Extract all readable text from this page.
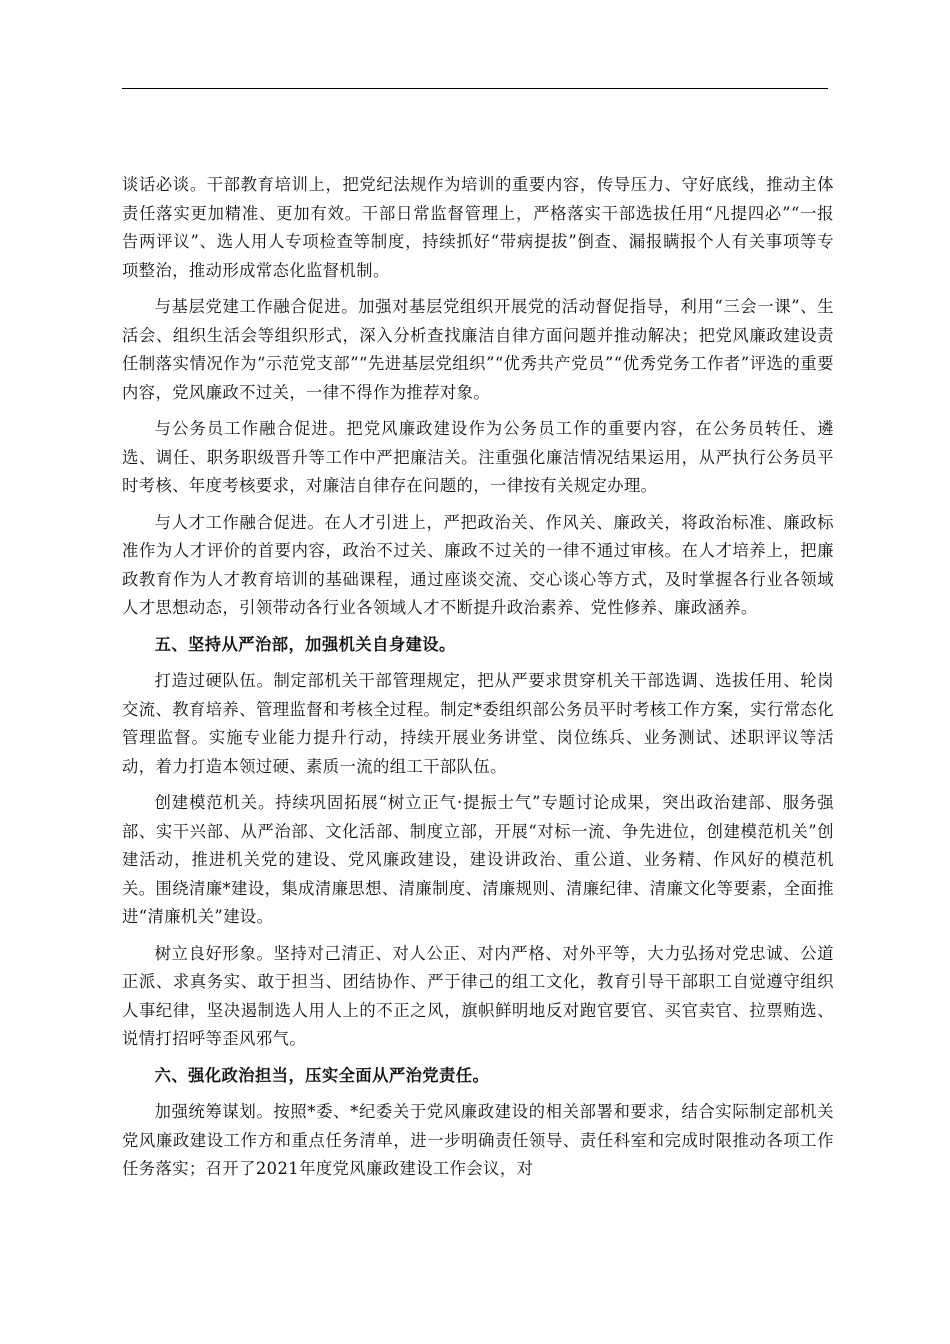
谈话必谈。干部教育培训上，把党纪法规作为培训的重要内容，传导压力、守好底线，推动主体责任落实更加精准、更加有效。干部日常监督管理上，严格落实干部选拔任用“凡提四必”“一报告两评议”、选人用人专项检查等制度，持续抓好“带病提拔”倒查、漏报瞒报个人有关事项等专项整治，推动形成常态化监督机制。

与基层党建工作融合促进。加强对基层党组织开展党的活动督促指导，利用“三会一课”、生活会、组织生活会等组织形式，深入分析查找廉洁自律方面问题并推动解决；把党风廉政建设责任制落实情况作为“示范党支部”“先进基层党组织”“优秀共产党员”“优秀党务工作者”评选的重要内容，党风廉政不过关，一律不得作为推荐对象。

与公务员工作融合促进。把党风廉政建设作为公务员工作的重要内容，在公务员转任、遴选、调任、职务职级晋升等工作中严把廉洁关。注重强化廉洁情况结果运用，从严执行公务员平时考核、年度考核要求，对廉洁自律存在问题的，一律按有关规定办理。

与人才工作融合促进。在人才引进上，严把政治关、作风关、廉政关，将政治标准、廉政标准作为人才评价的首要内容，政治不过关、廉政不过关的一律不通过审核。在人才培养上，把廉政教育作为人才教育培训的基础课程，通过座谈交流、交心谈心等方式，及时掌握各行业各领域人才思想动态，引领带动各行业各领域人才不断提升政治素养、党性修养、廉政涵养。

五、坚持从严治部，加强机关自身建设。

打造过硬队伍。制定部机关干部管理规定，把从严要求贯穿机关干部选调、选拔任用、轮岗交流、教育培养、管理监督和考核全过程。制定*委组织部公务员平时考核工作方案，实行常态化管理监督。实施专业能力提升行动，持续开展业务讲堂、岗位练兵、业务测试、述职评议等活动，着力打造本领过硬、素质一流的组工干部队伍。

创建模范机关。持续巩固拓展“树立正气·提振士气”专题讨论成果，突出政治建部、服务强部、实干兴部、从严治部、文化活部、制度立部，开展“对标一流、争先进位，创建模范机关”创建活动，推进机关党的建设、党风廉政建设，建设讲政治、重公道、业务精、作风好的模范机关。围绕清廉*建设，集成清廉思想、清廉制度、清廉规则、清廉纪律、清廉文化等要素，全面推进“清廉机关”建设。

树立良好形象。坚持对己清正、对人公正、对内严格、对外平等，大力弘扬对党忠诚、公道正派、求真务实、敢于担当、团结协作、严于律己的组工文化，教育引导干部职工自觉遵守组织人事纪律，坚决遏制选人用人上的不正之风，旗帜鲜明地反对跑官要官、买官卖官、拉票贿选、说情打招呼等歪风邪气。

六、强化政治担当，压实全面从严治党责任。

加强统筹谋划。按照*委、*纪委关于党风廉政建设的相关部署和要求，结合实际制定部机关党风廉政建设工作方和重点任务清单，进一步明确责任领导、责任科室和完成时限推动各项工作任务落实；召开了2021年度党风廉政建设工作会议，对
